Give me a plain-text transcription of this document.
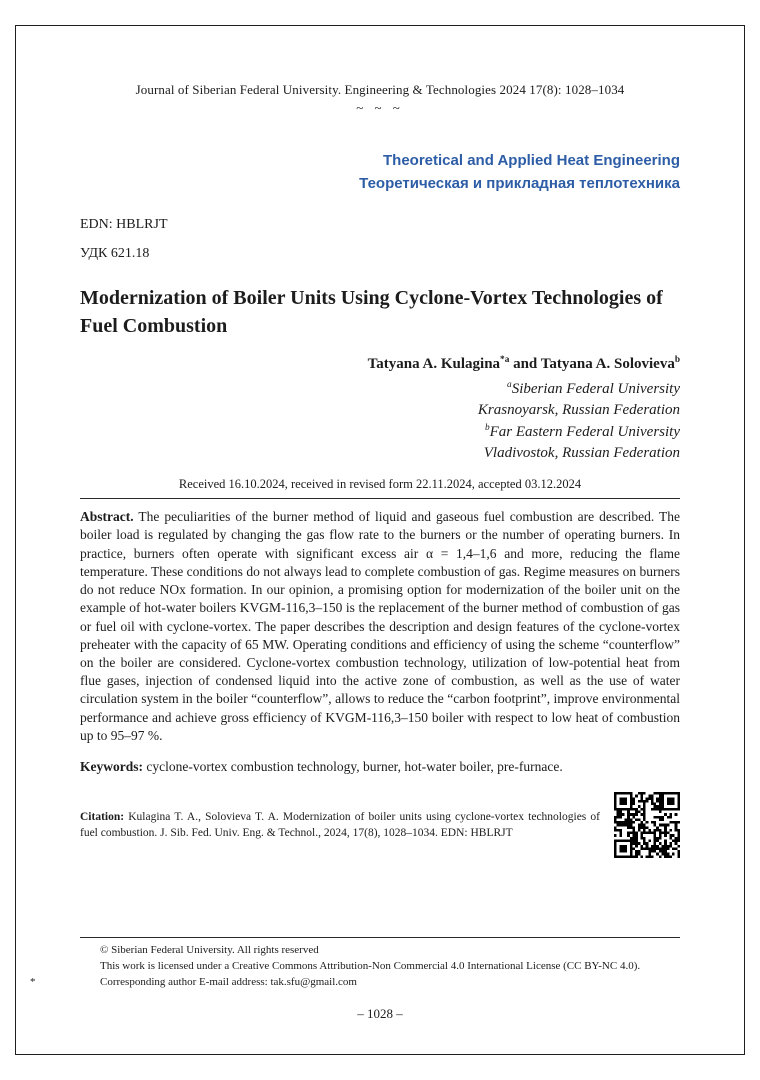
Journal of Siberian Federal University. Engineering & Technologies 2024 17(8): 1028–1034
~ ~ ~
Theoretical and Applied Heat Engineering
Теоретическая и прикладная теплотехника
EDN: HBLRJT
УДК 621.18
Modernization of Boiler Units Using Cyclone-Vortex Technologies of Fuel Combustion
Tatyana A. Kulagina$^{*a}$ and Tatyana A. Solovieva$^b$
$^a$Siberian Federal University
Krasnoyarsk, Russian Federation
$^b$Far Eastern Federal University
Vladivostok, Russian Federation
Received 16.10.2024, received in revised form 22.11.2024, accepted 03.12.2024

Abstract. The peculiarities of the burner method of liquid and gaseous fuel combustion are described. The boiler load is regulated by changing the gas flow rate to the burners or the number of operating burners. In practice, burners often operate with significant excess air α = 1,4–1,6 and more, reducing the flame temperature. These conditions do not always lead to complete combustion of gas. Regime measures on burners do not reduce NOx formation. In our opinion, a promising option for modernization of the boiler unit on the example of hot-water boilers KVGM-116,3–150 is the replacement of the burner method of combustion of gas or fuel oil with cyclone-vortex. The paper describes the description and design features of the cyclone-vortex preheater with the capacity of 65 MW. Operating conditions and efficiency of using the scheme “counterflow” on the boiler are considered. Cyclone-vortex combustion technology, utilization of low-potential heat from flue gases, injection of condensed liquid into the active zone of combustion, as well as the use of water circulation system in the boiler “counterflow”, allows to reduce the “carbon footprint”, improve environmental performance and achieve gross efficiency of KVGM-116,3–150 boiler with respect to low heat of combustion up to 95–97 %.

Keywords: cyclone-vortex combustion technology, burner, hot-water boiler, pre-furnace.

Citation: Kulagina T. A., Solovieva T. A. Modernization of boiler units using cyclone-vortex technologies of fuel combustion. J. Sib. Fed. Univ. Eng. & Technol., 2024, 17(8), 1028–1034. EDN: HBLRJT

© Siberian Federal University. All rights reserved
This work is licensed under a Creative Commons Attribution-Non Commercial 4.0 International License (CC BY-NC 4.0).
*	Corresponding author E-mail address: tak.sfu@gmail.com
– 1028 –
